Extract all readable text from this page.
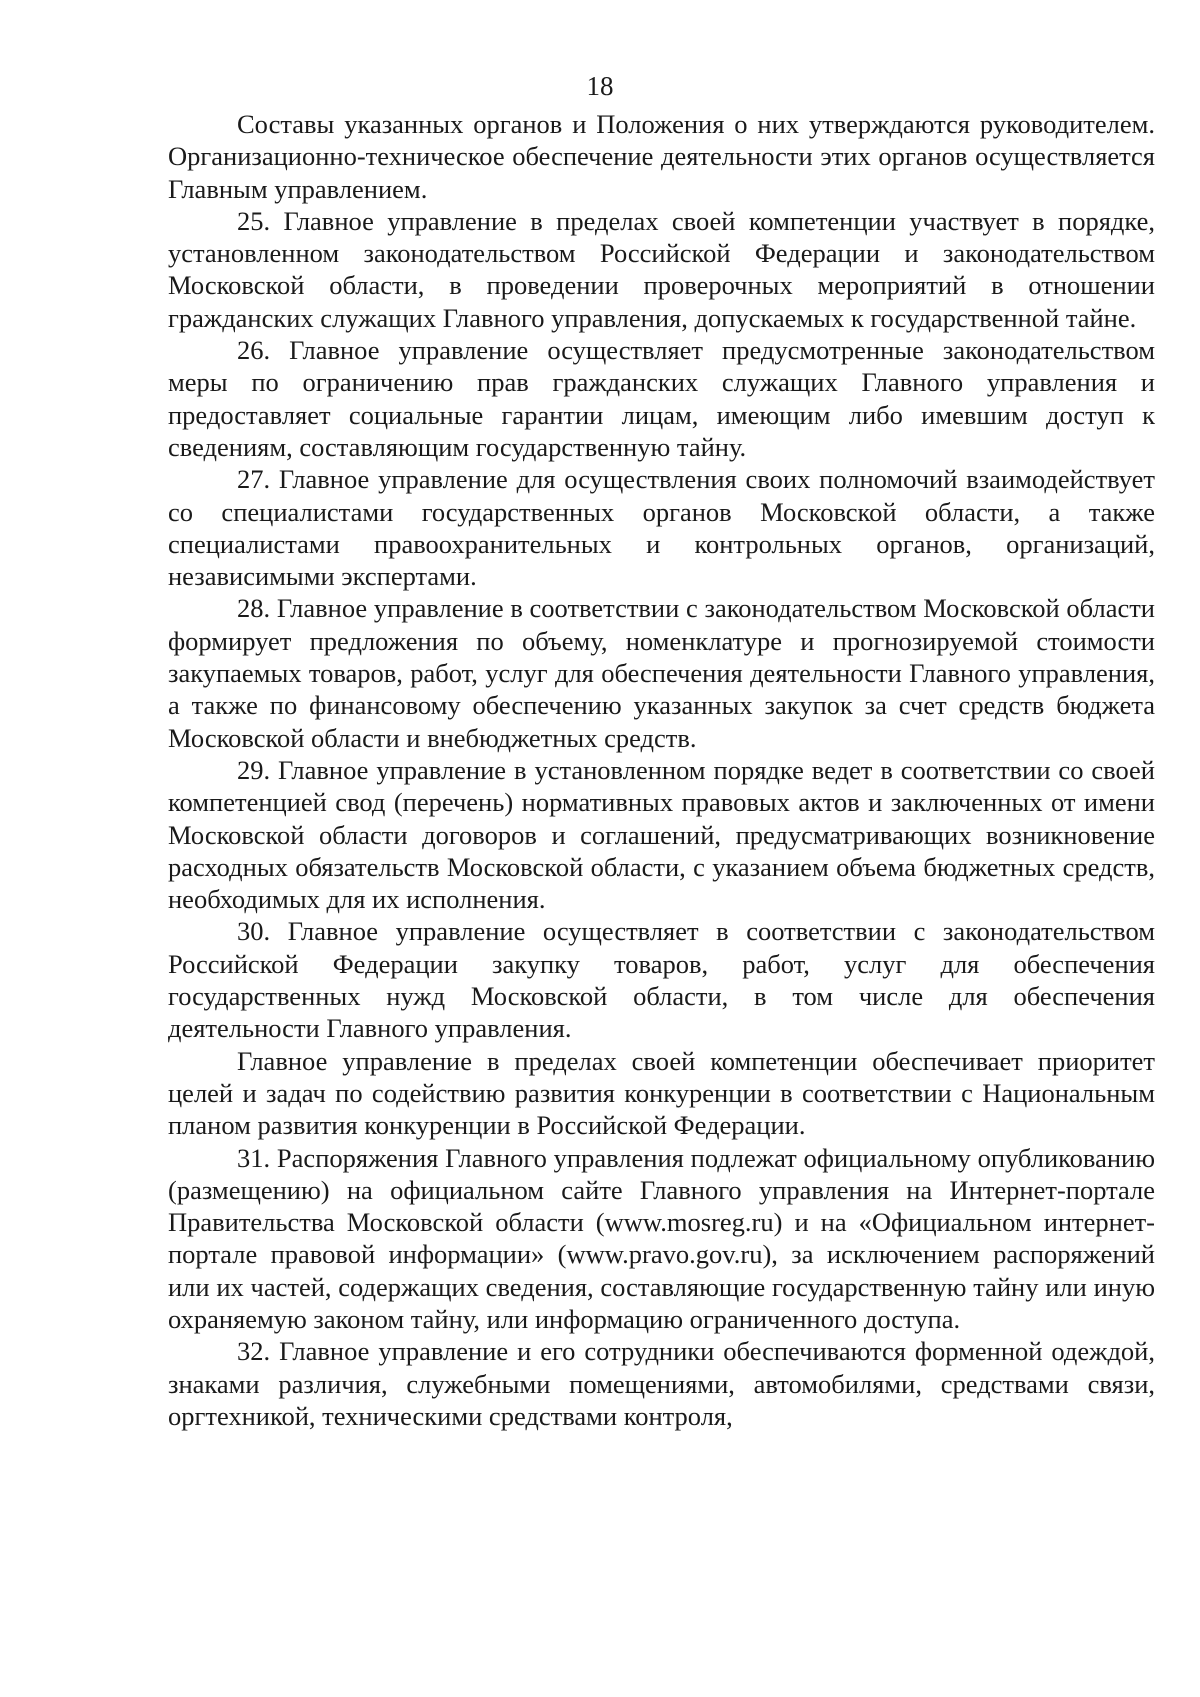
18

Составы указанных органов и Положения о них утверждаются руководителем. Организационно-техническое обеспечение деятельности этих органов осуществляется Главным управлением.

25. Главное управление в пределах своей компетенции участвует в порядке, установленном законодательством Российской Федерации и законодательством Московской области, в проведении проверочных мероприятий в отношении гражданских служащих Главного управления, допускаемых к государственной тайне.

26. Главное управление осуществляет предусмотренные законодательством меры по ограничению прав гражданских служащих Главного управления и предоставляет социальные гарантии лицам, имеющим либо имевшим доступ к сведениям, составляющим государственную тайну.

27. Главное управление для осуществления своих полномочий взаимодействует со специалистами государственных органов Московской области, а также специалистами правоохранительных и контрольных органов, организаций, независимыми экспертами.

28. Главное управление в соответствии с законодательством Московской области формирует предложения по объему, номенклатуре и прогнозируемой стоимости закупаемых товаров, работ, услуг для обеспечения деятельности Главного управления, а также по финансовому обеспечению указанных закупок за счет средств бюджета Московской области и внебюджетных средств.

29. Главное управление в установленном порядке ведет в соответствии со своей компетенцией свод (перечень) нормативных правовых актов и заключенных от имени Московской области договоров и соглашений, предусматривающих возникновение расходных обязательств Московской области, с указанием объема бюджетных средств, необходимых для их исполнения.

30. Главное управление осуществляет в соответствии с законодательством Российской Федерации закупку товаров, работ, услуг для обеспечения государственных нужд Московской области, в том числе для обеспечения деятельности Главного управления.

Главное управление в пределах своей компетенции обеспечивает приоритет целей и задач по содействию развития конкуренции в соответствии с Национальным планом развития конкуренции в Российской Федерации.

31. Распоряжения Главного управления подлежат официальному опубликованию (размещению) на официальном сайте Главного управления на Интернет-портале Правительства Московской области (www.mosreg.ru) и на «Официальном интернет-портале правовой информации» (www.pravo.gov.ru), за исключением распоряжений или их частей, содержащих сведения, составляющие государственную тайну или иную охраняемую законом тайну, или информацию ограниченного доступа.

32. Главное управление и его сотрудники обеспечиваются форменной одеждой, знаками различия, служебными помещениями, автомобилями, средствами связи, оргтехникой, техническими средствами контроля,
